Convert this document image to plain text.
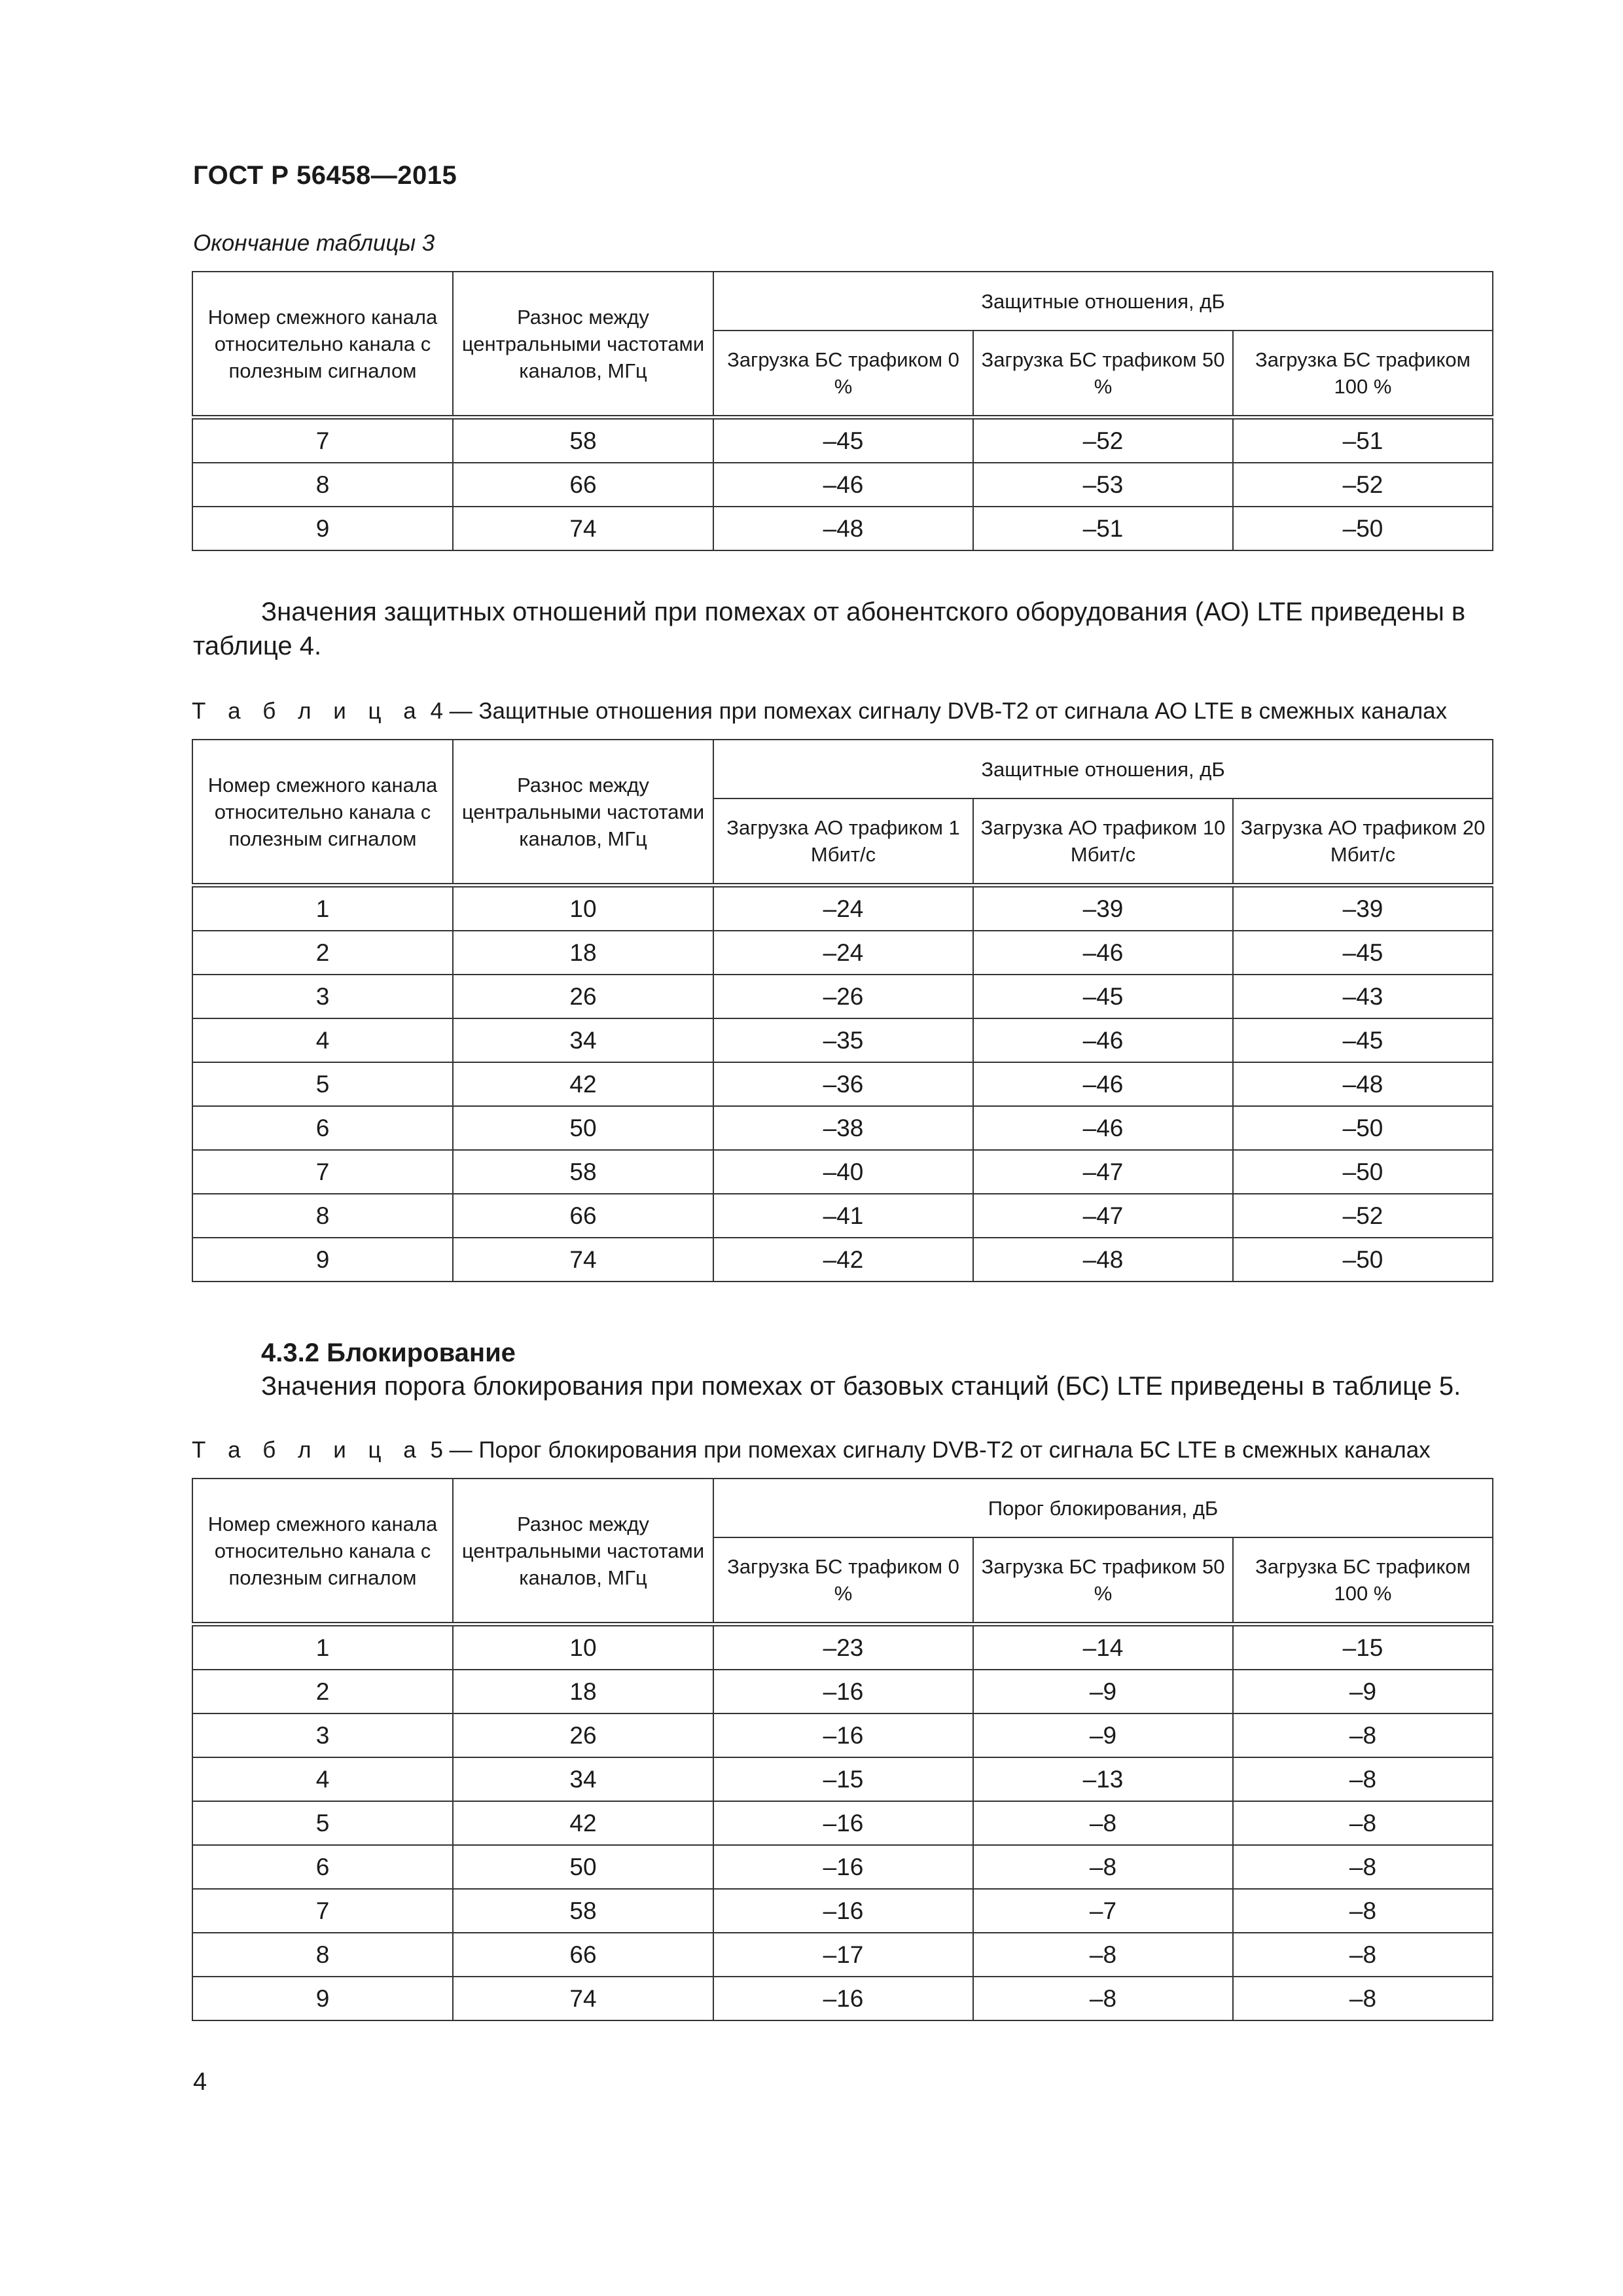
ГОСТ Р 56458—2015
Окончание таблицы 3
Номер смежного канала относительно канала с полезным сигналом	Разнос между центральными частотами каналов, МГц	Защитные отношения, дБ		
		Загрузка БС трафиком 0 %	Загрузка БС трафиком 50 %	Загрузка БС трафиком 100 %
7	58	–45	–52	–51
8	66	–46	–53	–52
9	74	–48	–51	–50
Значения защитных отношений при помехах от абонентского оборудования (АО) LTE приведены в таблице 4.
Т а б л и ц а 4 — Защитные отношения при помехах сигналу DVB-T2 от сигнала АО LTE в смежных каналах
Номер смежного канала относительно канала с полезным сигналом	Разнос между центральными частотами каналов, МГц	Защитные отношения, дБ		
		Загрузка АО трафиком 1 Мбит/с	Загрузка АО трафиком 10 Мбит/с	Загрузка АО трафиком 20 Мбит/с
1	10	–24	–39	–39
2	18	–24	–46	–45
3	26	–26	–45	–43
4	34	–35	–46	–45
5	42	–36	–46	–48
6	50	–38	–46	–50
7	58	–40	–47	–50
8	66	–41	–47	–52
9	74	–42	–48	–50
4.3.2 Блокирование
Значения порога блокирования при помехах от базовых станций (БС) LTE приведены в таблице 5.
Т а б л и ц а 5 — Порог блокирования при помехах сигналу DVB-T2 от сигнала БС LTE в смежных каналах
Номер смежного канала относительно канала с полезным сигналом	Разнос между центральными частотами каналов, МГц	Порог блокирования, дБ		
		Загрузка БС трафиком 0 %	Загрузка БС трафиком 50 %	Загрузка БС трафиком 100 %
1	10	–23	–14	–15
2	18	–16	–9	–9
3	26	–16	–9	–8
4	34	–15	–13	–8
5	42	–16	–8	–8
6	50	–16	–8	–8
7	58	–16	–7	–8
8	66	–17	–8	–8
9	74	–16	–8	–8
4
